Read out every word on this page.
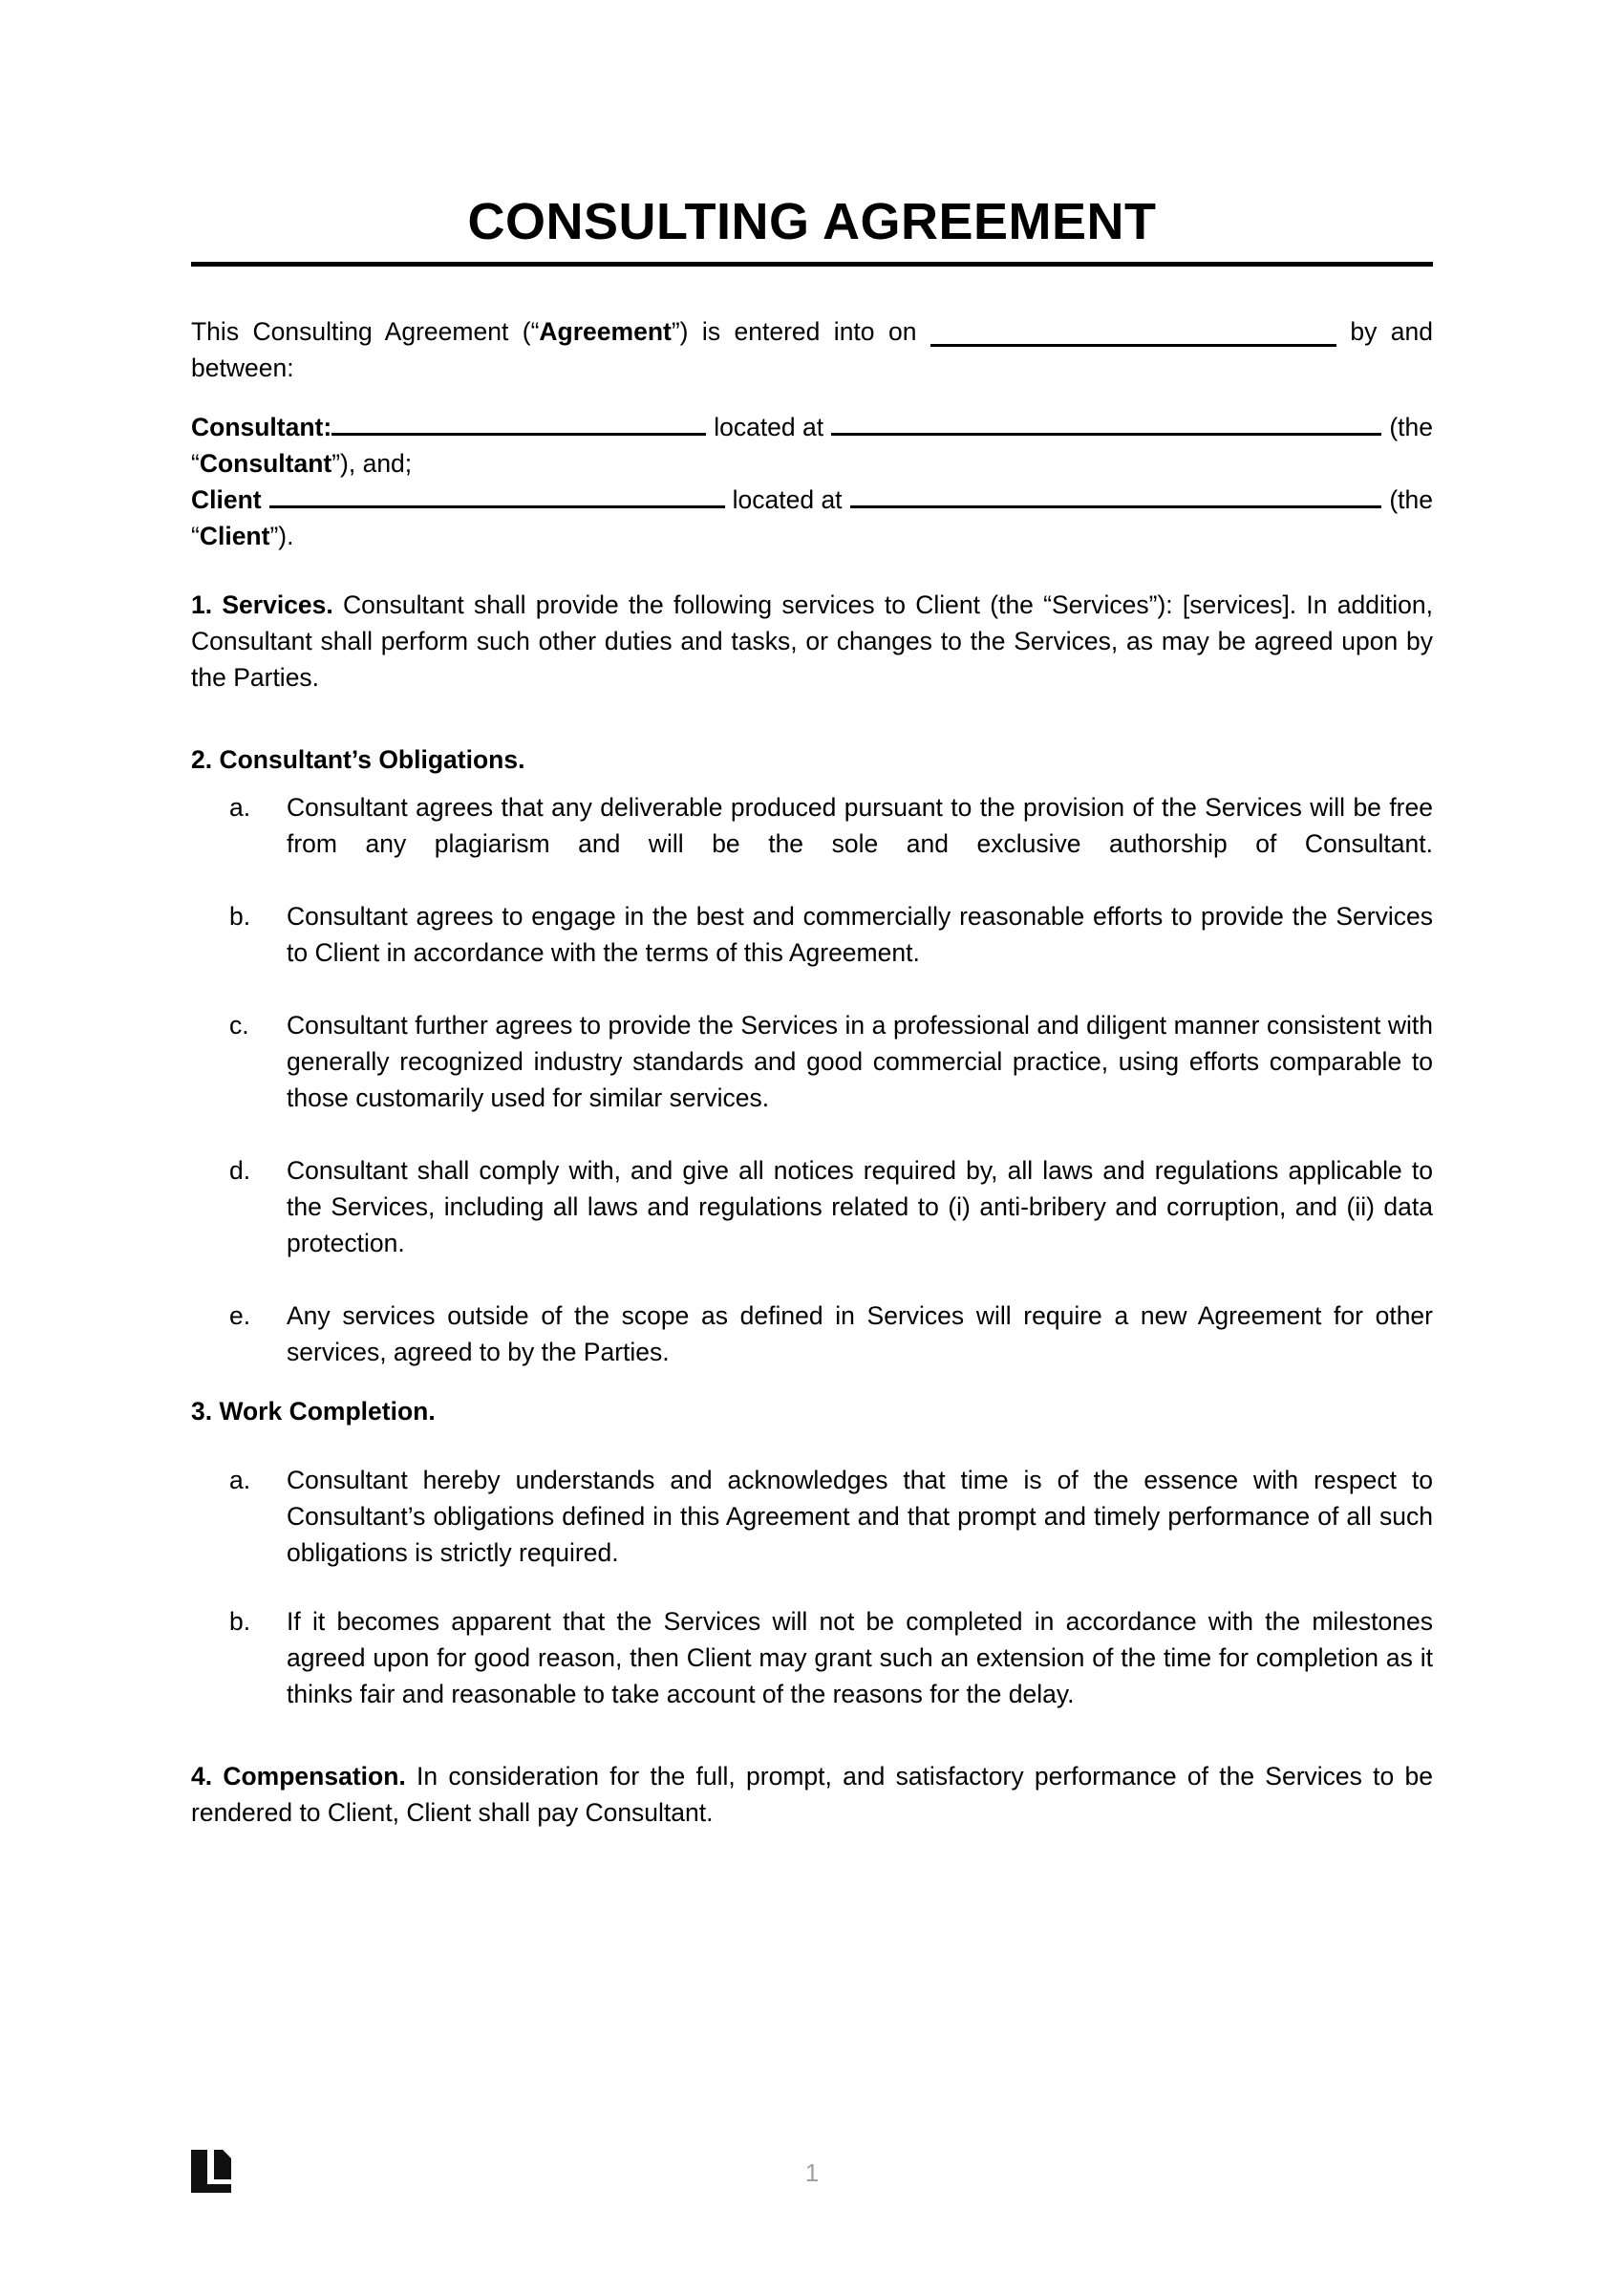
CONSULTING AGREEMENT
This Consulting Agreement (“Agreement”) is entered into on	by and
between:
Consultant:	located at	(the
“Consultant”), and;
Client	located at	(the
“Client”).
1. Services. Consultant shall provide the following services to Client (the “Services”): [services]. In addition, Consultant shall perform such other duties and tasks, or changes to the Services, as may be agreed upon by the Parties.
2. Consultant’s Obligations.
a. Consultant agrees that any deliverable produced pursuant to the provision of the Services will be free from any plagiarism and will be the sole and exclusive authorship of Consultant.
b. Consultant agrees to engage in the best and commercially reasonable efforts to provide the Services to Client in accordance with the terms of this Agreement.
c. Consultant further agrees to provide the Services in a professional and diligent manner consistent with generally recognized industry standards and good commercial practice, using efforts comparable to those customarily used for similar services.
d. Consultant shall comply with, and give all notices required by, all laws and regulations applicable to the Services, including all laws and regulations related to (i) anti-bribery and corruption, and (ii) data protection.
e. Any services outside of the scope as defined in Services will require a new Agreement for other services, agreed to by the Parties.
3. Work Completion.
a. Consultant hereby understands and acknowledges that time is of the essence with respect to Consultant’s obligations defined in this Agreement and that prompt and timely performance of all such obligations is strictly required.
b. If it becomes apparent that the Services will not be completed in accordance with the milestones agreed upon for good reason, then Client may grant such an extension of the time for completion as it thinks fair and reasonable to take account of the reasons for the delay.
4. Compensation. In consideration for the full, prompt, and satisfactory performance of the Services to be rendered to Client, Client shall pay Consultant.
1
